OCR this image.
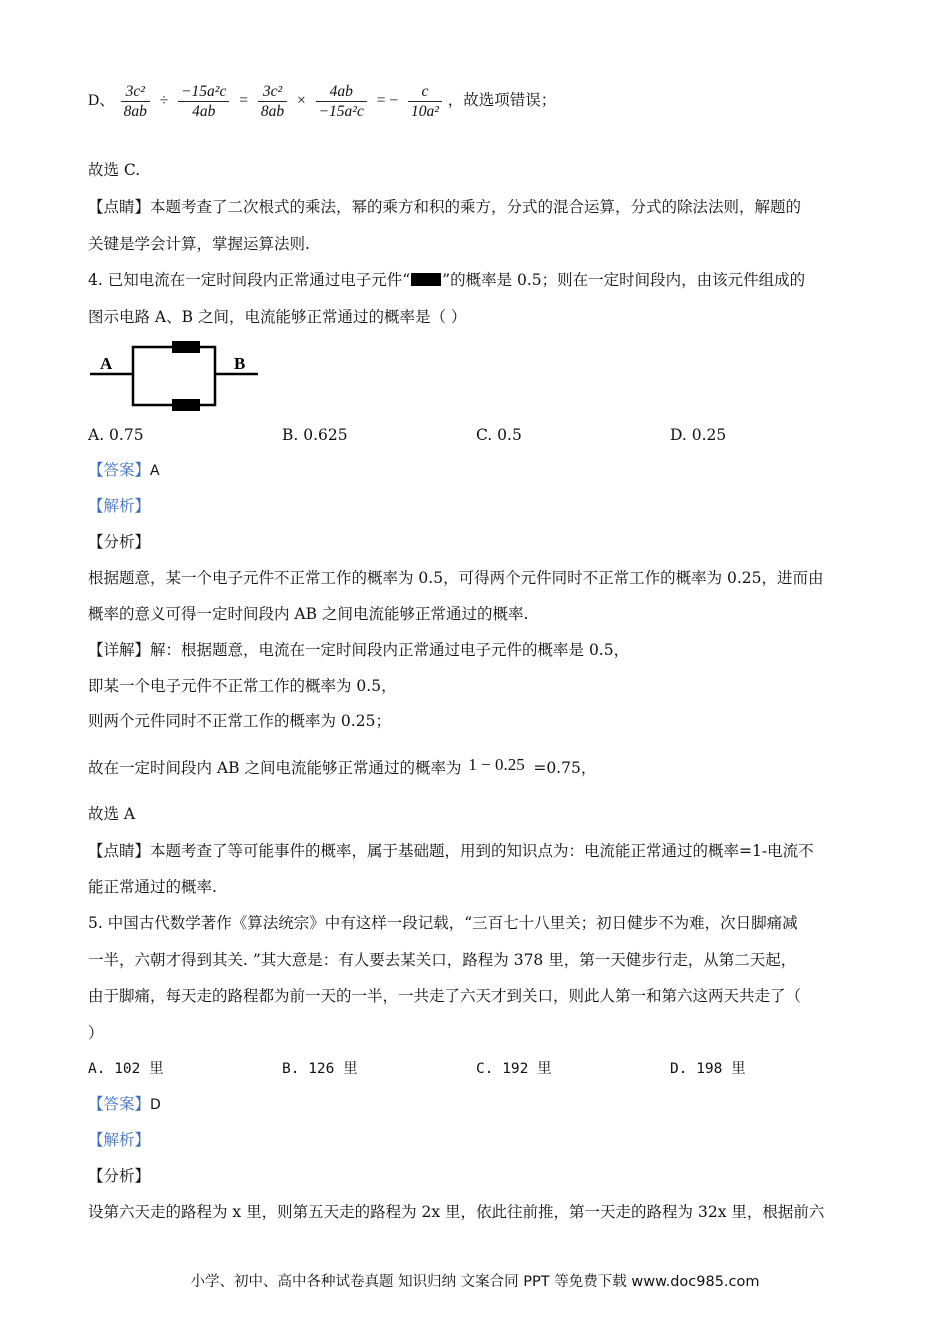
D、 $\frac{\text{3c²}}{8ab} \div \frac{\text{−15a²c}}{4ab} = \frac{\text{3c²}}{8ab} \times \frac{4ab}{\text{−15a²c}}$ = − $\frac{c}{\text{10a²}}$ ，故选项错误；
故选 C.
【点睛】本题考查了二次根式的乘法，幂的乘方和积的乘方，分式的混合运算，分式的除法法则，解题的
关键是学会计算，掌握运算法则.
4. 已知电流在一定时间段内正常通过电子元件“ ”的概率是 0.5；则在一定时间段内，由该元件组成的
图示电路 A、B 之间，电流能够正常通过的概率是（ ）
A	B
A. 0.75	B. 0.625	C. 0.5	D. 0.25
【答案】A
【解析】
【分析】
根据题意，某一个电子元件不正常工作的概率为 0.5，可得两个元件同时不正常工作的概率为 0.25，进而由
概率的意义可得一定时间段内 AB 之间电流能够正常通过的概率.
【详解】解：根据题意，电流在一定时间段内正常通过电子元件的概率是 0.5，
即某一个电子元件不正常工作的概率为 0.5，
则两个元件同时不正常工作的概率为 0.25；
故在一定时间段内 AB 之间电流能够正常通过的概率为 1 − 0.25 =0.75，
故选 A
【点睛】本题考查了等可能事件的概率，属于基础题，用到的知识点为：电流能正常通过的概率=1-电流不
能正常通过的概率.
5. 中国古代数学著作《算法统宗》中有这样一段记载，“三百七十八里关；初日健步不为难，次日脚痛减
一半，六朝才得到其关. ”其大意是：有人要去某关口，路程为 378 里，第一天健步行走，从第二天起，
由于脚痛，每天走的路程都为前一天的一半，一共走了六天才到关口，则此人第一和第六这两天共走了（
）
A. 102 里	B. 126 里	C. 192 里	D. 198 里
【答案】D
【解析】
【分析】
设第六天走的路程为 x 里，则第五天走的路程为 2x 里，依此往前推，第一天走的路程为 32x 里，根据前六
小学、初中、高中各种试卷真题 知识归纳 文案合同 PPT 等免费下载 www.doc985.com
